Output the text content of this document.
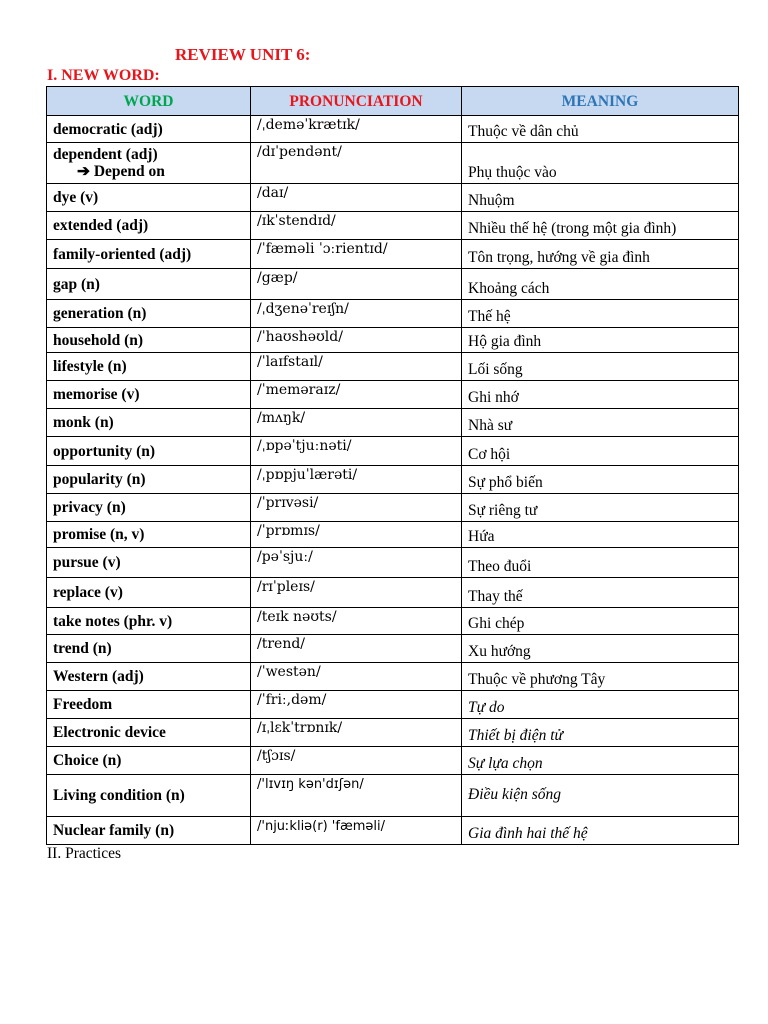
REVIEW UNIT 6:
I. NEW WORD:
WORD	PRONUNCIATION	MEANING
democratic (adj)	/ˌdeməˈkrætɪk/	Thuộc về dân chủ
dependent (adj)
➔ Depend on	/dɪˈpendənt/	Phụ thuộc vào
dye (v)	/daɪ/	Nhuộm
extended (adj)	/ɪkˈstendɪd/	Nhiều thế hệ (trong một gia đình)
family-oriented (adj)	/ˈfæməli ˈɔːrientɪd/	Tôn trọng, hướng về gia đình
gap (n)	/gæp/	Khoảng cách
generation (n)	/ˌdʒenəˈreɪʃn/	Thế hệ
household (n)	/ˈhaʊshəʊld/	Hộ gia đình
lifestyle (n)	/ˈlaɪfstaɪl/	Lối sống
memorise (v)	/ˈmeməraɪz/	Ghi nhớ
monk (n)	/mʌŋk/	Nhà sư
opportunity (n)	/ˌɒpəˈtjuːnəti/	Cơ hội
popularity (n)	/ˌpɒpjuˈlærəti/	Sự phổ biến
privacy (n)	/ˈprɪvəsi/	Sự riêng tư
promise (n, v)	/ˈprɒmɪs/	Hứa
pursue (v)	/pəˈsjuː/	Theo đuổi
replace (v)	/rɪˈpleɪs/	Thay thế
take notes (phr. v)	/teɪk nəʊts/	Ghi chép
trend (n)	/trend/	Xu hướng
Western (adj)	/ˈwestən/	Thuộc về phương Tây
Freedom	/ˈfriː,dəm/	Tự do
Electronic device	/ɪˌlɛkˈtrɒnɪk/	Thiết bị điện tử
Choice (n)	/tʃɔɪs/	Sự lựa chọn
Living condition (n)	/'lɪvɪŋ kən'dɪʃən/	Điều kiện sống
Nuclear family (n)	/'njuːkliə(r) 'fæməli/	Gia đình hai thế hệ

II. Practices
